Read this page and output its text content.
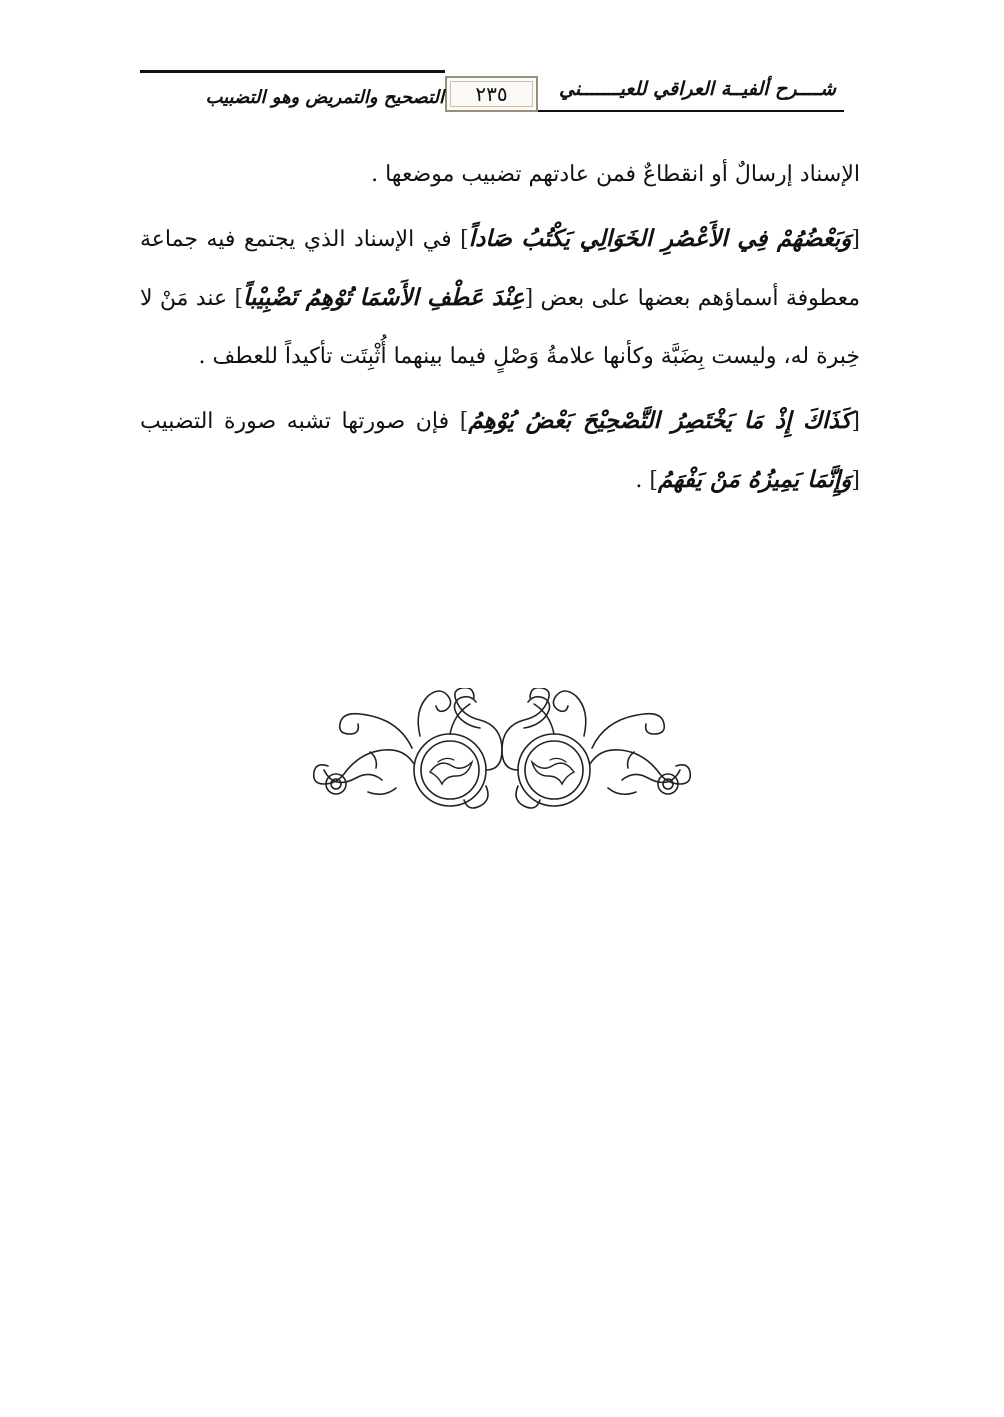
شــــرح ألفيــة العراقي للعيـــــــني
٢٣٥
التصحيح والتمريض وهو التضبيب

الإسناد إرسالٌ أو انقطاعٌ فمن عادتهم تضبيب موضعها .

[وَبَعْضُهُمْ فِي الأَعْصُرِ الخَوَالِي يَكْتُبُ صَاداً] في الإسناد الذي يجتمع فيه جماعة معطوفة أسماؤهم بعضها على بعض [عِنْدَ عَطْفِ الأَسْمَا تُوْهِمُ تَضْبِيْباً] عند مَنْ لا خِبرة له، وليست بِضَبَّة وكأنها علامةُ وَصْلٍ فيما بينهما أُثْبِتَت تأكيداً للعطف .

[كَذَاكَ إِذْ مَا يَخْتَصِرُ التَّصْحِيْحَ بَعْضُ يُوْهِمُ] فإن صورتها تشبه صورة التضبيب [وَإِنَّمَا يَمِيزُهُ مَنْ يَفْهَمُ] .
